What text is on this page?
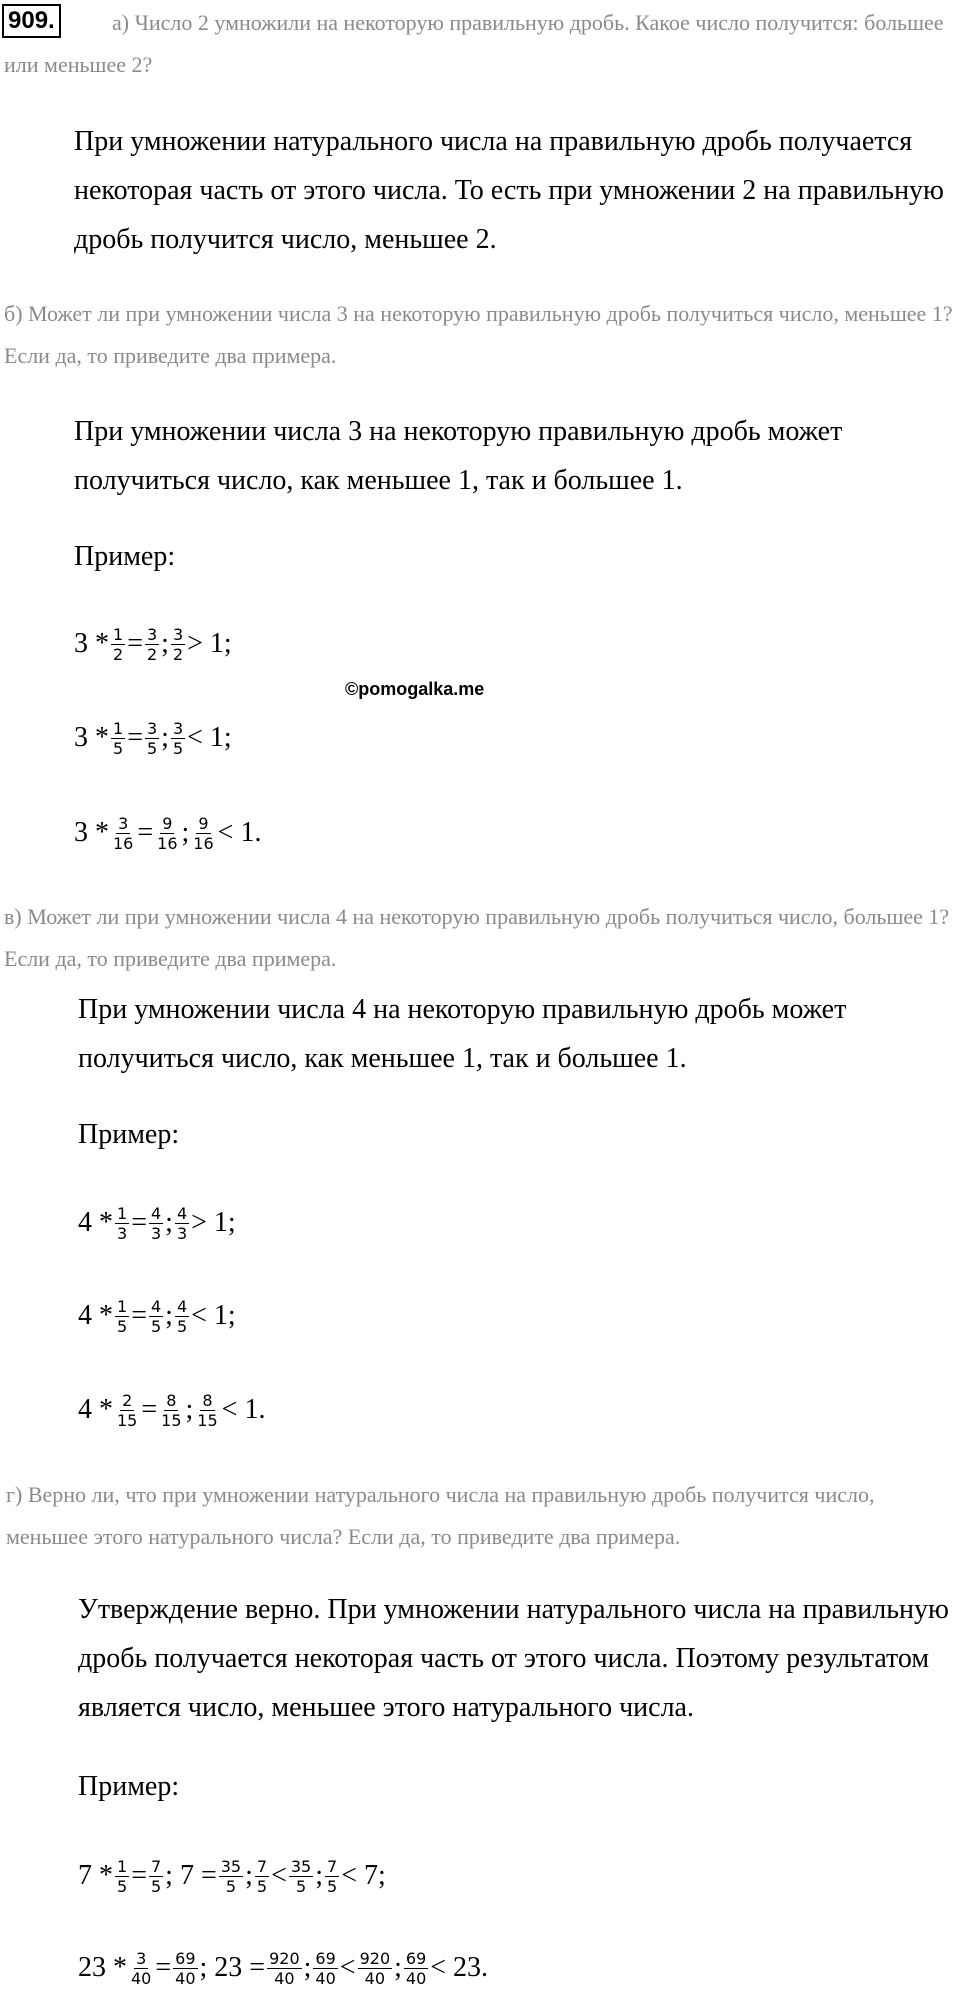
а) Число 2 умножили на некоторую правильную дробь. Какое число получится: большее или меньшее 2?
909.
При умножении натурального числа на правильную дробь получается некоторая часть от этого числа. То есть при умножении 2 на правильную дробь получится число, меньшее 2.
б) Может ли при умножении числа 3 на некоторую правильную дробь получиться число, меньшее 1? Если да, то приведите два примера.
При умножении числа 3 на некоторую правильную дробь может получиться число, как меньшее 1, так и большее 1.
Пример:
$3 * \frac{1}{2} = \frac{3}{2}$ ; $\frac{3}{2} > 1$;
©pomogalka.me
$3 * \frac{1}{5} = \frac{3}{5}$ ; $\frac{3}{5} < 1$;
$3 * \frac{3}{16} = \frac{9}{16}$ ; $\frac{9}{16} < 1$.
в) Может ли при умножении числа 4 на некоторую правильную дробь получиться число, большее 1? Если да, то приведите два примера.
При умножении числа 4 на некоторую правильную дробь может получиться число, как меньшее 1, так и большее 1.
Пример:
$4 * \frac{1}{3} = \frac{4}{3}$ ; $\frac{4}{3} > 1$;
$4 * \frac{1}{5} = \frac{4}{5}$ ; $\frac{4}{5} < 1$;
$4 * \frac{2}{15} = \frac{8}{15}$ ; $\frac{8}{15} < 1$.
г) Верно ли, что при умножении натурального числа на правильную дробь получится число, меньшее этого натурального числа? Если да, то приведите два примера.
Утверждение верно. При умножении натурального числа на правильную дробь получается некоторая часть от этого числа. Поэтому результатом является число, меньшее этого натурального числа.
Пример:
$7 * \frac{1}{5} = \frac{7}{5}$ ; $7 = \frac{35}{5}$ ; $\frac{7}{5} < \frac{35}{5}$ ; $\frac{7}{5} < 7$;
$23 * \frac{3}{40} = \frac{69}{40}$ ; $23 = \frac{920}{40}$ ; $\frac{69}{40} < \frac{920}{40}$ ; $\frac{69}{40} < 23$.
